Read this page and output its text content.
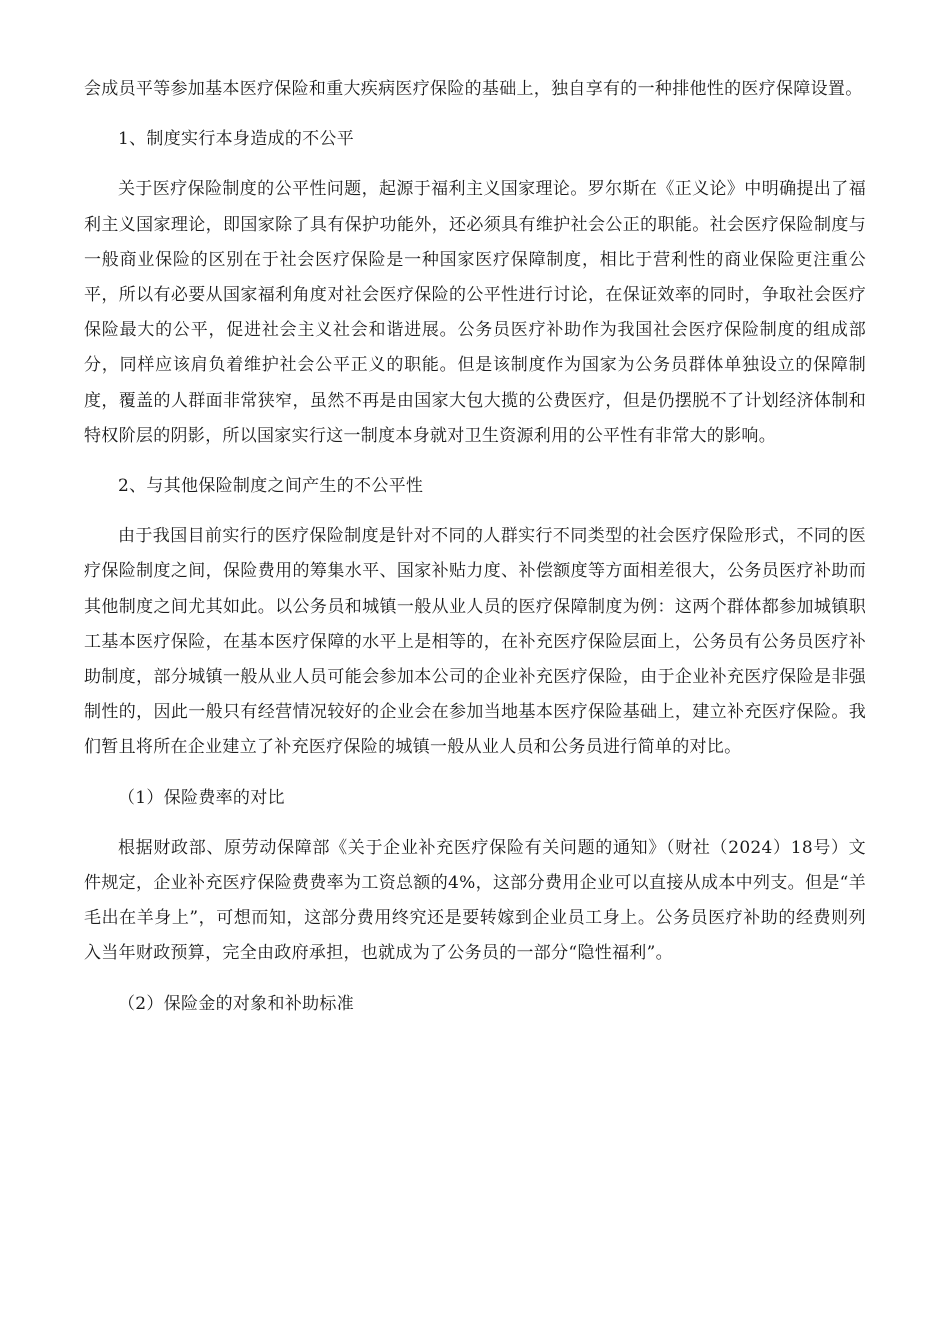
会成员平等参加基本医疗保险和重大疾病医疗保险的基础上，独自享有的一种排他性的医疗保障设置。

1、制度实行本身造成的不公平

关于医疗保险制度的公平性问题，起源于福利主义国家理论。罗尔斯在《正义论》中明确提出了福利主义国家理论，即国家除了具有保护功能外，还必须具有维护社会公正的职能。社会医疗保险制度与一般商业保险的区别在于社会医疗保险是一种国家医疗保障制度，相比于营利性的商业保险更注重公平，所以有必要从国家福利角度对社会医疗保险的公平性进行讨论，在保证效率的同时，争取社会医疗保险最大的公平，促进社会主义社会和谐进展。公务员医疗补助作为我国社会医疗保险制度的组成部分，同样应该肩负着维护社会公平正义的职能。但是该制度作为国家为公务员群体单独设立的保障制度，覆盖的人群面非常狭窄，虽然不再是由国家大包大揽的公费医疗，但是仍摆脱不了计划经济体制和特权阶层的阴影，所以国家实行这一制度本身就对卫生资源利用的公平性有非常大的影响。

2、与其他保险制度之间产生的不公平性

由于我国目前实行的医疗保险制度是针对不同的人群实行不同类型的社会医疗保险形式，不同的医疗保险制度之间，保险费用的筹集水平、国家补贴力度、补偿额度等方面相差很大，公务员医疗补助而其他制度之间尤其如此。以公务员和城镇一般从业人员的医疗保障制度为例：这两个群体都参加城镇职工基本医疗保险，在基本医疗保障的水平上是相等的，在补充医疗保险层面上，公务员有公务员医疗补助制度，部分城镇一般从业人员可能会参加本公司的企业补充医疗保险，由于企业补充医疗保险是非强制性的，因此一般只有经营情况较好的企业会在参加当地基本医疗保险基础上，建立补充医疗保险。我们暂且将所在企业建立了补充医疗保险的城镇一般从业人员和公务员进行简单的对比。

（1）保险费率的对比

根据财政部、原劳动保障部《关于企业补充医疗保险有关问题的通知》（财社（2024）18号）文件规定，企业补充医疗保险费费率为工资总额的4%，这部分费用企业可以直接从成本中列支。但是“羊毛出在羊身上”，可想而知，这部分费用终究还是要转嫁到企业员工身上。公务员医疗补助的经费则列入当年财政预算，完全由政府承担，也就成为了公务员的一部分“隐性福利”。

（2）保险金的对象和补助标准
